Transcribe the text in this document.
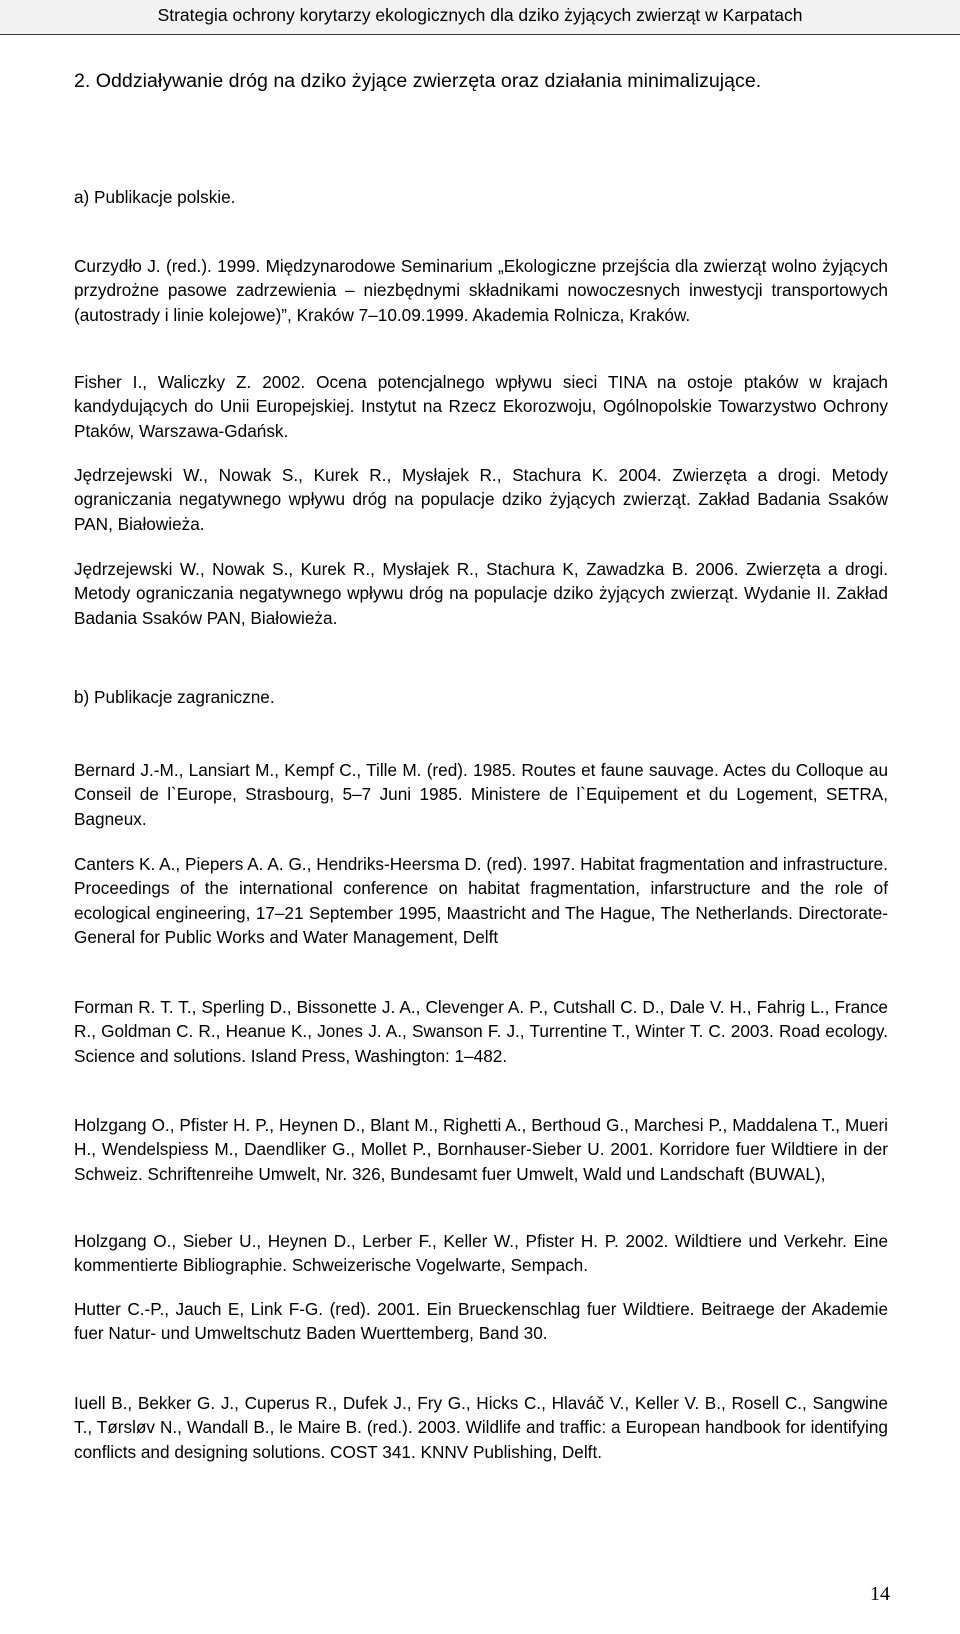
Strategia ochrony korytarzy ekologicznych dla dziko żyjących zwierząt w Karpatach

2. Oddziaływanie dróg na dziko żyjące zwierzęta oraz działania minimalizujące.

a) Publikacje polskie.

Curzydło J. (red.). 1999. Międzynarodowe Seminarium „Ekologiczne przejścia dla zwierząt wolno żyjących przydrożne pasowe zadrzewienia – niezbędnymi składnikami nowoczesnych inwestycji transportowych (autostrady i linie kolejowe)”, Kraków 7–10.09.1999. Akademia Rolnicza, Kraków.

Fisher I., Waliczky Z. 2002. Ocena potencjalnego wpływu sieci TINA na ostoje ptaków w krajach kandydujących do Unii Europejskiej. Instytut na Rzecz Ekorozwoju, Ogólnopolskie Towarzystwo Ochrony Ptaków, Warszawa-Gdańsk.

Jędrzejewski W., Nowak S., Kurek R., Mysłajek R., Stachura K. 2004. Zwierzęta a drogi. Metody ograniczania negatywnego wpływu dróg na populacje dziko żyjących zwierząt. Zakład Badania Ssaków PAN, Białowieża.

Jędrzejewski W., Nowak S., Kurek R., Mysłajek R., Stachura K, Zawadzka B. 2006. Zwierzęta a drogi. Metody ograniczania negatywnego wpływu dróg na populacje dziko żyjących zwierząt. Wydanie II. Zakład Badania Ssaków PAN, Białowieża.

b) Publikacje zagraniczne.

Bernard J.-M., Lansiart M., Kempf C., Tille M. (red). 1985. Routes et faune sauvage. Actes du Colloque au Conseil de l`Europe, Strasbourg, 5–7 Juni 1985. Ministere de l`Equipement et du Logement, SETRA, Bagneux.

Canters K. A., Piepers A. A. G., Hendriks-Heersma D. (red). 1997. Habitat fragmentation and infrastructure. Proceedings of the international conference on habitat fragmentation, infarstructure and the role of ecological engineering, 17–21 September 1995, Maastricht and The Hague, The Netherlands. Directorate-General for Public Works and Water Management, Delft

Forman R. T. T., Sperling D., Bissonette J. A., Clevenger A. P., Cutshall C. D., Dale V. H., Fahrig L., France R., Goldman C. R., Heanue K., Jones J. A., Swanson F. J., Turrentine T., Winter T. C. 2003. Road ecology. Science and solutions. Island Press, Washington: 1–482.

Holzgang O., Pfister H. P., Heynen D., Blant M., Righetti A., Berthoud G., Marchesi P., Maddalena T., Mueri H., Wendelspiess M., Daendliker G., Mollet P., Bornhauser-Sieber U. 2001. Korridore fuer Wildtiere in der Schweiz. Schriftenreihe Umwelt, Nr. 326, Bundesamt fuer Umwelt, Wald und Landschaft (BUWAL),

Holzgang O., Sieber U., Heynen D., Lerber F., Keller W., Pfister H. P. 2002. Wildtiere und Verkehr. Eine kommentierte Bibliographie. Schweizerische Vogelwarte, Sempach.

Hutter C.-P., Jauch E, Link F-G. (red). 2001. Ein Brueckenschlag fuer Wildtiere. Beitraege der Akademie fuer Natur- und Umweltschutz Baden Wuerttemberg, Band 30.

Iuell B., Bekker G. J., Cuperus R., Dufek J., Fry G., Hicks C., Hlaváč V., Keller V. B., Rosell C., Sangwine T., Tørsløv N., Wandall B., le Maire B. (red.). 2003. Wildlife and traffic: a European handbook for identifying conflicts and designing solutions. COST 341. KNNV Publishing, Delft.

14
